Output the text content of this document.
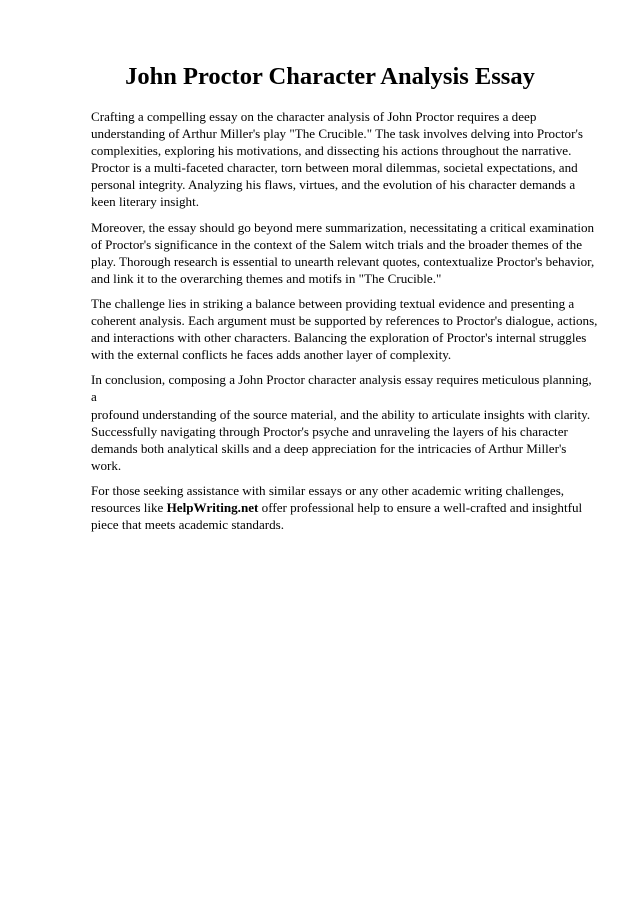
John Proctor Character Analysis Essay

Crafting a compelling essay on the character analysis of John Proctor requires a deep
understanding of Arthur Miller's play "The Crucible." The task involves delving into Proctor's
complexities, exploring his motivations, and dissecting his actions throughout the narrative.
Proctor is a multi-faceted character, torn between moral dilemmas, societal expectations, and
personal integrity. Analyzing his flaws, virtues, and the evolution of his character demands a
keen literary insight.

Moreover, the essay should go beyond mere summarization, necessitating a critical examination
of Proctor's significance in the context of the Salem witch trials and the broader themes of the
play. Thorough research is essential to unearth relevant quotes, contextualize Proctor's behavior,
and link it to the overarching themes and motifs in "The Crucible."

The challenge lies in striking a balance between providing textual evidence and presenting a
coherent analysis. Each argument must be supported by references to Proctor's dialogue, actions,
and interactions with other characters. Balancing the exploration of Proctor's internal struggles
with the external conflicts he faces adds another layer of complexity.

In conclusion, composing a John Proctor character analysis essay requires meticulous planning, a
profound understanding of the source material, and the ability to articulate insights with clarity.
Successfully navigating through Proctor's psyche and unraveling the layers of his character
demands both analytical skills and a deep appreciation for the intricacies of Arthur Miller's work.

For those seeking assistance with similar essays or any other academic writing challenges,
resources like HelpWriting.net offer professional help to ensure a well-crafted and insightful
piece that meets academic standards.
